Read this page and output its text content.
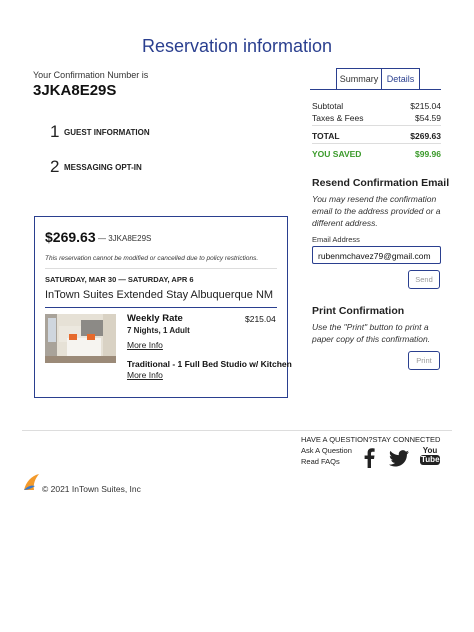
Reservation information
Your Confirmation Number is
3JKA8E29S
1 GUEST INFORMATION
2 MESSAGING OPT-IN
Summary Details
Subtotal	$215.04
Taxes & Fees	$54.59
TOTAL	$269.63
YOU SAVED	$99.96
Resend Confirmation Email
You may resend the confirmation email to the address provided or a different address.
Email Address
rubenmchavez79@gmail.com
Send
Print Confirmation
Use the "Print" button to print a paper copy of this confirmation.
Print
$269.63 — 3JKA8E29S
This reservation cannot be modified or cancelled due to policy restrictions.
SATURDAY, MAR 30 — SATURDAY, APR 6
InTown Suites Extended Stay Albuquerque NM
Weekly Rate	$215.04
7 Nights, 1 Adult
More Info
Traditional - 1 Full Bed Studio w/ Kitchen
More Info
HAVE A QUESTION?STAY CONNECTED
Ask A Question
Read FAQs
You
Tube
© 2021 InTown Suites, Inc
